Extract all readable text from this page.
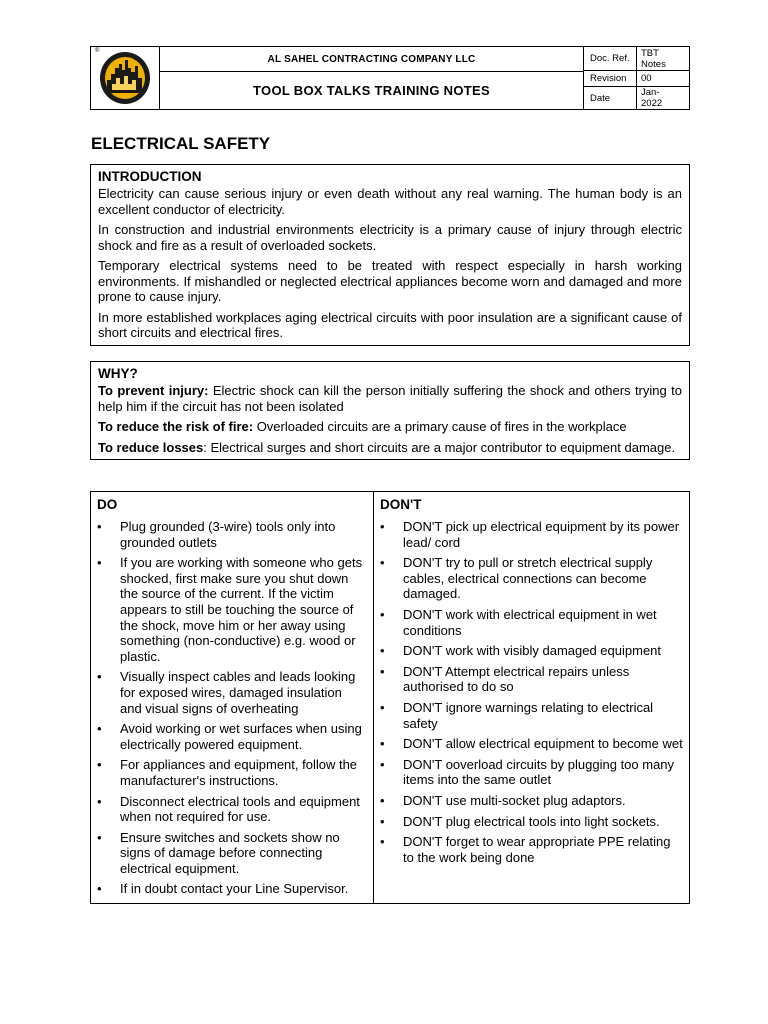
®
AL SAHEL CONTRACTING COMPANY LLC
TOOL BOX TALKS TRAINING NOTES
Doc. Ref.	TBT
Notes
Revision	00
Date	Jan-
2022
ELECTRICAL SAFETY
INTRODUCTION
Electricity can cause serious injury or even death without any real warning. The human body is an excellent conductor of electricity.
In construction and industrial environments electricity is a primary cause of injury through electric shock and fire as a result of overloaded sockets.
Temporary electrical systems need to be treated with respect especially in harsh working environments. If mishandled or neglected electrical appliances become worn and damaged and more prone to cause injury.
In more established workplaces aging electrical circuits with poor insulation are a significant cause of short circuits and electrical fires.
WHY?
To prevent injury: Electric shock can kill the person initially suffering the shock and others trying to help him if the circuit has not been isolated
To reduce the risk of fire: Overloaded circuits are a primary cause of fires in the workplace
To reduce losses: Electrical surges and short circuits are a major contributor to equipment damage.
DO
• Plug grounded (3-wire) tools only into grounded outlets
• If you are working with someone who gets shocked, first make sure you shut down the source of the current. If the victim appears to still be touching the source of the shock, move him or her away using something (non-conductive) e.g. wood or plastic.
• Visually inspect cables and leads looking for exposed wires, damaged insulation and visual signs of overheating
• Avoid working or wet surfaces when using electrically powered equipment.
• For appliances and equipment, follow the manufacturer's instructions.
• Disconnect electrical tools and equipment when not required for use.
• Ensure switches and sockets show no signs of damage before connecting electrical equipment.
• If in doubt contact your Line Supervisor.
DON'T
• DON'T pick up electrical equipment by its power lead/ cord
• DON'T try to pull or stretch electrical supply cables, electrical connections can become damaged.
• DON'T work with electrical equipment in wet conditions
• DON'T work with visibly damaged equipment
• DON'T Attempt electrical repairs unless authorised to do so
• DON'T ignore warnings relating to electrical safety
• DON'T allow electrical equipment to become wet
• DON'T ooverload circuits by plugging too many items into the same outlet
• DON'T use multi-socket plug adaptors.
• DON'T plug electrical tools into light sockets.
• DON'T forget to wear appropriate PPE relating to the work being done
